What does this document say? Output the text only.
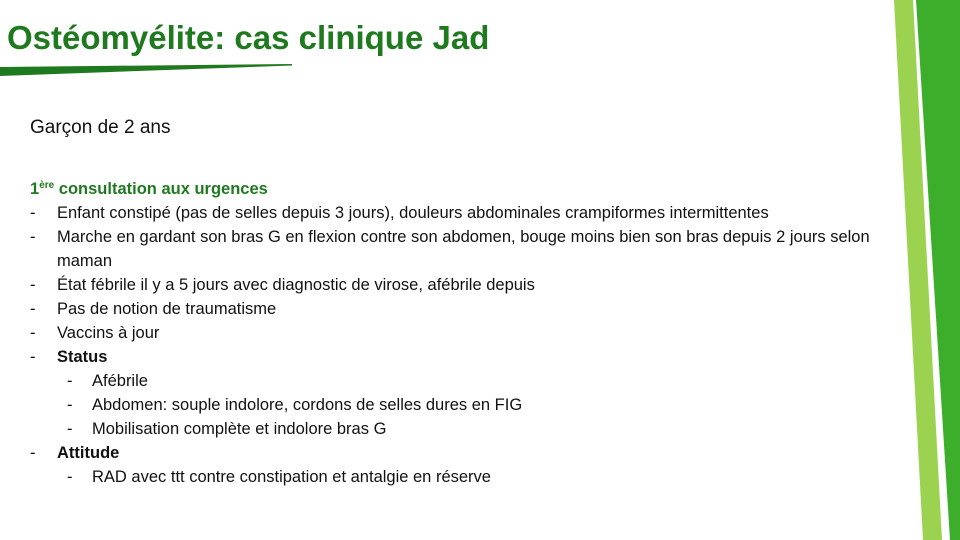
Ostéomyélite: cas clinique Jad

Garçon de 2 ans

1ère consultation aux urgences
- Enfant constipé (pas de selles depuis 3 jours), douleurs abdominales crampiformes intermittentes
- Marche en gardant son bras G en flexion contre son abdomen, bouge moins bien son bras depuis 2 jours selon maman
- État fébrile il y a 5 jours avec diagnostic de virose, afébrile depuis
- Pas de notion de traumatisme
- Vaccins à jour
- Status
- Afébrile
- Abdomen: souple indolore, cordons de selles dures en FIG
- Mobilisation complète et indolore bras G
- Attitude
- RAD avec ttt contre constipation et antalgie en réserve
